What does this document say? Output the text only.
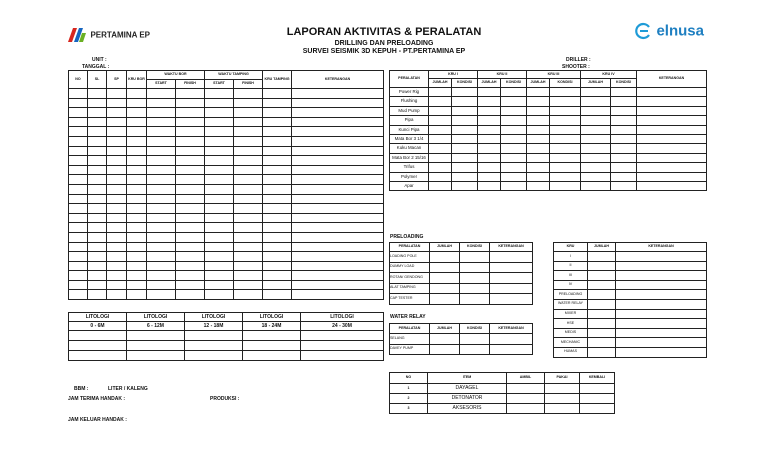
PERTAMINA EP	elnusa
LAPORAN AKTIVITAS & PERALATAN
DRILLING DAN PRELOADING
SURVEI SEISMIK 3D KEPUH - PT.PERTAMINA EP
UNIT :
TANGGAL :
DRILLER :
SHOOTER :
NO	SL	SP	KRU BOR	WAKTU BOR		WAKTU TAMPING		KRU TAMPING	KETERANGAN
				START	FINISH	START	FINISH		

LITOLOGI	LITOLOGI	LITOLOGI	LITOLOGI	LITOLOGI
0 - 6M	6 - 12M	12 - 18M	18 - 24M	24 - 30M

PERALATAN	KRU I		KRU II		KRU III		KRU IV		KETERANGAN
	JUMLAH	KONDISI	JUMLAH	KONDISI	JUMLAH	KONDISI	JUMLAH	KONDISI	
Power Rig									
Flushing									
Mud Pump									
Pipa									
Kunci Pipa									
Mata Bor 3 1/4									
Kuku Macan									
Mata Bor 2 15/16									
Trifus									
Polymer									
Apar									
PRELOADING
PERALATAN	JUMLAH	KONDISI	KETERANGAN
LOADING POLE			
DUMMY LOAD			
ROTAN/ GENDONG			
ALAT TAMPING			
CAP TESTER			
KRU	JUMLAH	KETERANGAN
I		
II		
III		
IV		
PRELOADING		
WATER RELAY		
MIXER		
HSE		
MEDIS		
MECHANIC		
HUMAS		
WATER RELAY
PERALATAN	JUMLAH	KONDISI	KETERANGAN
SELANG			
DAVEY PUMP			
NO	ITEM	AMBIL	PAKAI	KEMBALI
1	DAYAGEL			
2	DETONATOR			
3	AKSESORIS			
BBM :	LITER / KALENG
JAM TERIMA HANDAK :	PRODUKSI :
JAM KELUAR HANDAK :
